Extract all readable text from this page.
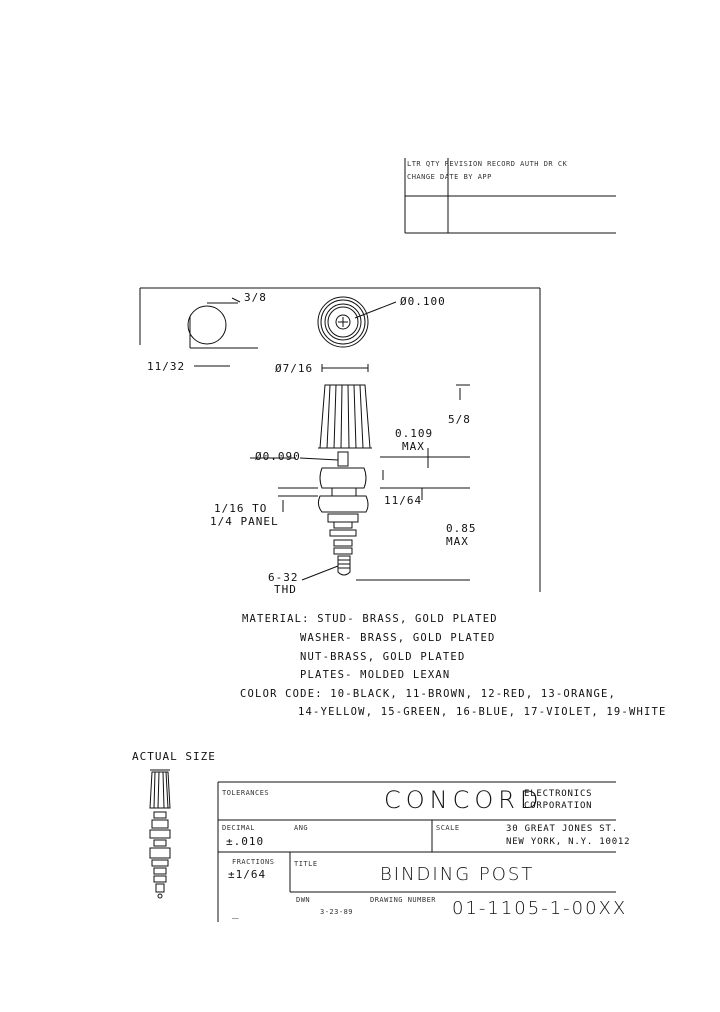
LTR QTY REVISION RECORD AUTH DR CK
CHANGE DATE BY APP
3/8
11/32
Ø0.100
Ø7/16
5/8
0.109
MAX
Ø0.090
1/16 TO
1/4 PANEL
11/64
0.85
MAX
6-32
THD
MATERIAL: STUD- BRASS, GOLD PLATED
WASHER- BRASS, GOLD PLATED
NUT-BRASS, GOLD PLATED
PLATES- MOLDED LEXAN
COLOR CODE: 10-BLACK, 11-BROWN, 12-RED, 13-ORANGE,
14-YELLOW, 15-GREEN, 16-BLUE, 17-VIOLET, 19-WHITE
ACTUAL SIZE
TOLERANCES	CONCORD
ELECTRONICS
CORPORATION
DECIMAL
±.010
ANG	SCALE	30 GREAT JONES ST.
NEW YORK, N.Y. 10012
FRACTIONS
±1/64
TITLE	BINDING POST
DWN
3-23-89
DRAWING NUMBER 01-1105-1-00XX
_
